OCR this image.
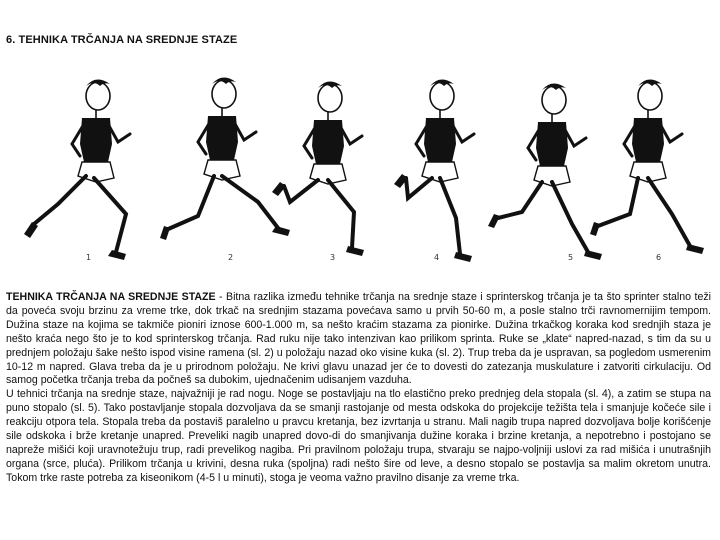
6. TEHNIKA TRČANJA NA SREDNJE STAZE
1	2	3	4	5	6

TEHNIKA TRČANJA NA SREDNJE STAZE - Bitna razlika između tehnike trčanja na srednje staze i sprinterskog trčanja je ta što sprinter stalno teži da poveća svoju brzinu za vreme trke, dok trkač na srednjim stazama povećava samo u prvih 50-60 m, a posle stalno trči ravnomernijim tempom. Dužina staze na kojima se takmiče pioniri iznose 600-1.000 m, sa nešto kraćim stazama za pionirke. Dužina trkačkog koraka kod srednjih staza je nešto kraća nego što je to kod sprinterskog trčanja. Rad ruku nije tako intenzivan kao prilikom sprinta. Ruke se „klate“ napred-nazad, s tim da su u prednjem položaju šake nešto ispod visine ramena (sl. 2) u položaju nazad oko visine kuka (sl. 2). Trup treba da je uspravan, sa pogledom usmerenim 10-12 m napred. Glava treba da je u prirodnom položaju. Ne krivi glavu unazad jer će to dovesti do zatezanja muskulature i zatvoriti cirkulaciju. Od samog početka trčanja treba da počneš sa dubokim, ujednačenim udisanjem vazduha.

U tehnici trčanja na srednje staze, najvažniji je rad nogu. Noge se postavljaju na tlo elastično preko prednjeg dela stopala (sl. 4), a zatim se stupa na puno stopalo (sl. 5). Tako postavljanje stopala dozvoljava da se smanji rastojanje od mesta odskoka do projekcije težišta tela i smanjuje kočeće sile i reakciju otpora tela. Stopala treba da postaviš paralelno u pravcu kretanja, bez izvrtanja u stranu. Mali nagib trupa napred dozvoljava bolje korišćenje sile odskoka i brže kretanje unapred. Preveliki nagib unapred dovo-di do smanjivanja dužine koraka i brzine kretanja, a nepotrebno i postojano se napreže mišići koji uravnotežuju trup, radi prevelikog nagiba. Pri pravilnom položaju trupa, stvaraju se najpo-voljniji uslovi za rad mišića i unutrašnjih organa (srce, pluća). Prilikom trčanja u krivini, desna ruka (spoljna) radi nešto šire od leve, a desno stopalo se postavlja sa malim okretom unutra. Tokom trke raste potreba za kiseonikom (4-5 l u minuti), stoga je veoma važno pravilno disanje za vreme trka.
